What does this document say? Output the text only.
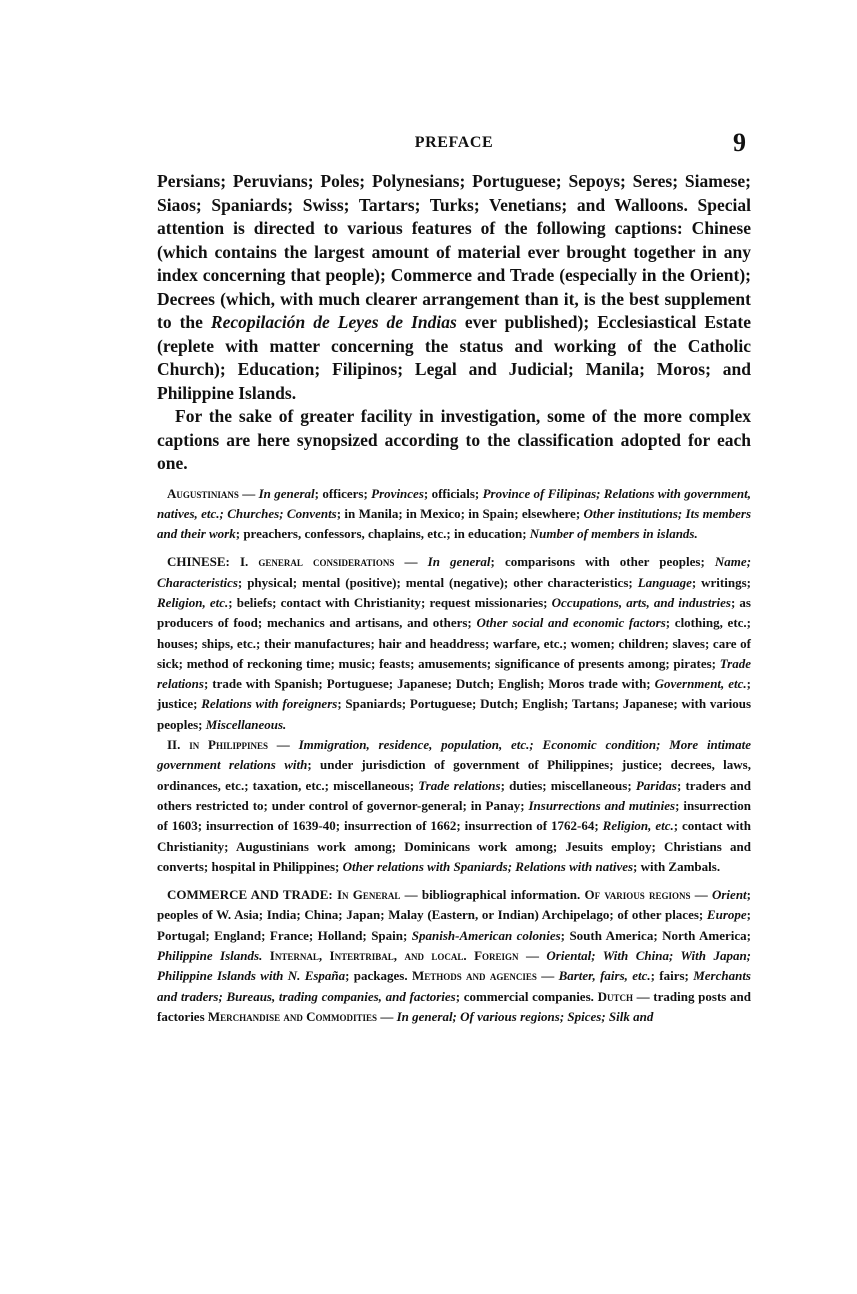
PREFACE	9

Persians; Peruvians; Poles; Polynesians; Portuguese; Sepoys; Seres; Siamese; Siaos; Spaniards; Swiss; Tartars; Turks; Venetians; and Walloons. Special attention is directed to various features of the following captions: Chinese (which contains the largest amount of material ever brought together in any index concerning that people); Commerce and Trade (especially in the Orient); Decrees (which, with much clearer arrangement than it, is the best supplement to the Recopilación de Leyes de Indias ever published); Ecclesiastical Estate (replete with matter concerning the status and working of the Catholic Church); Education; Filipinos; Legal and Judicial; Manila; Moros; and Philippine Islands.

For the sake of greater facility in investigation, some of the more complex captions are here synopsized according to the classification adopted for each one.

Augustinians — In general; officers; Provinces; officials; Province of Filipinas; Relations with government, natives, etc.; Churches; Convents; in Manila; in Mexico; in Spain; elsewhere; Other institutions; Its members and their work; preachers, confessors, chaplains, etc.; in education; Number of members in islands.

CHINESE: I. general considerations — In general; comparisons with other peoples; Name; Characteristics; physical; mental (positive); mental (negative); other characteristics; Language; writings; Religion, etc.; beliefs; contact with Christianity; request missionaries; Occupations, arts, and industries; as producers of food; mechanics and artisans, and others; Other social and economic factors; clothing, etc.; houses; ships, etc.; their manufactures; hair and headdress; warfare, etc.; women; children; slaves; care of sick; method of reckoning time; music; feasts; amusements; significance of presents among; pirates; Trade relations; trade with Spanish; Portuguese; Japanese; Dutch; English; Moros trade with; Government, etc.; justice; Relations with foreigners; Spaniards; Portuguese; Dutch; English; Tartans; Japanese; with various peoples; Miscellaneous.

II. in Philippines — Immigration, residence, population, etc.; Economic condition; More intimate government relations with; under jurisdiction of government of Philippines; justice; decrees, laws, ordinances, etc.; taxation, etc.; miscellaneous; Trade relations; duties; miscellaneous; Paridas; traders and others restricted to; under control of governor-general; in Panay; Insurrections and mutinies; insurrection of 1603; insurrection of 1639-40; insurrection of 1662; insurrection of 1762-64; Religion, etc.; contact with Christianity; Augustinians work among; Dominicans work among; Jesuits employ; Christians and converts; hospital in Philippines; Other relations with Spaniards; Relations with natives; with Zambals.

COMMERCE AND TRADE: In General — bibliographical information. Of various regions — Orient; peoples of W. Asia; India; China; Japan; Malay (Eastern, or Indian) Archipelago; of other places; Europe; Portugal; England; France; Holland; Spain; Spanish-American colonies; South America; North America; Philippine Islands. Internal, Intertribal, and local. Foreign — Oriental; With China; With Japan; Philippine Islands with N. España; packages. Methods and agencies — Barter, fairs, etc.; fairs; Merchants and traders; Bureaus, trading companies, and factories; commercial companies. Dutch — trading posts and factories Merchandise and Commodities — In general; Of various regions; Spices; Silk and
